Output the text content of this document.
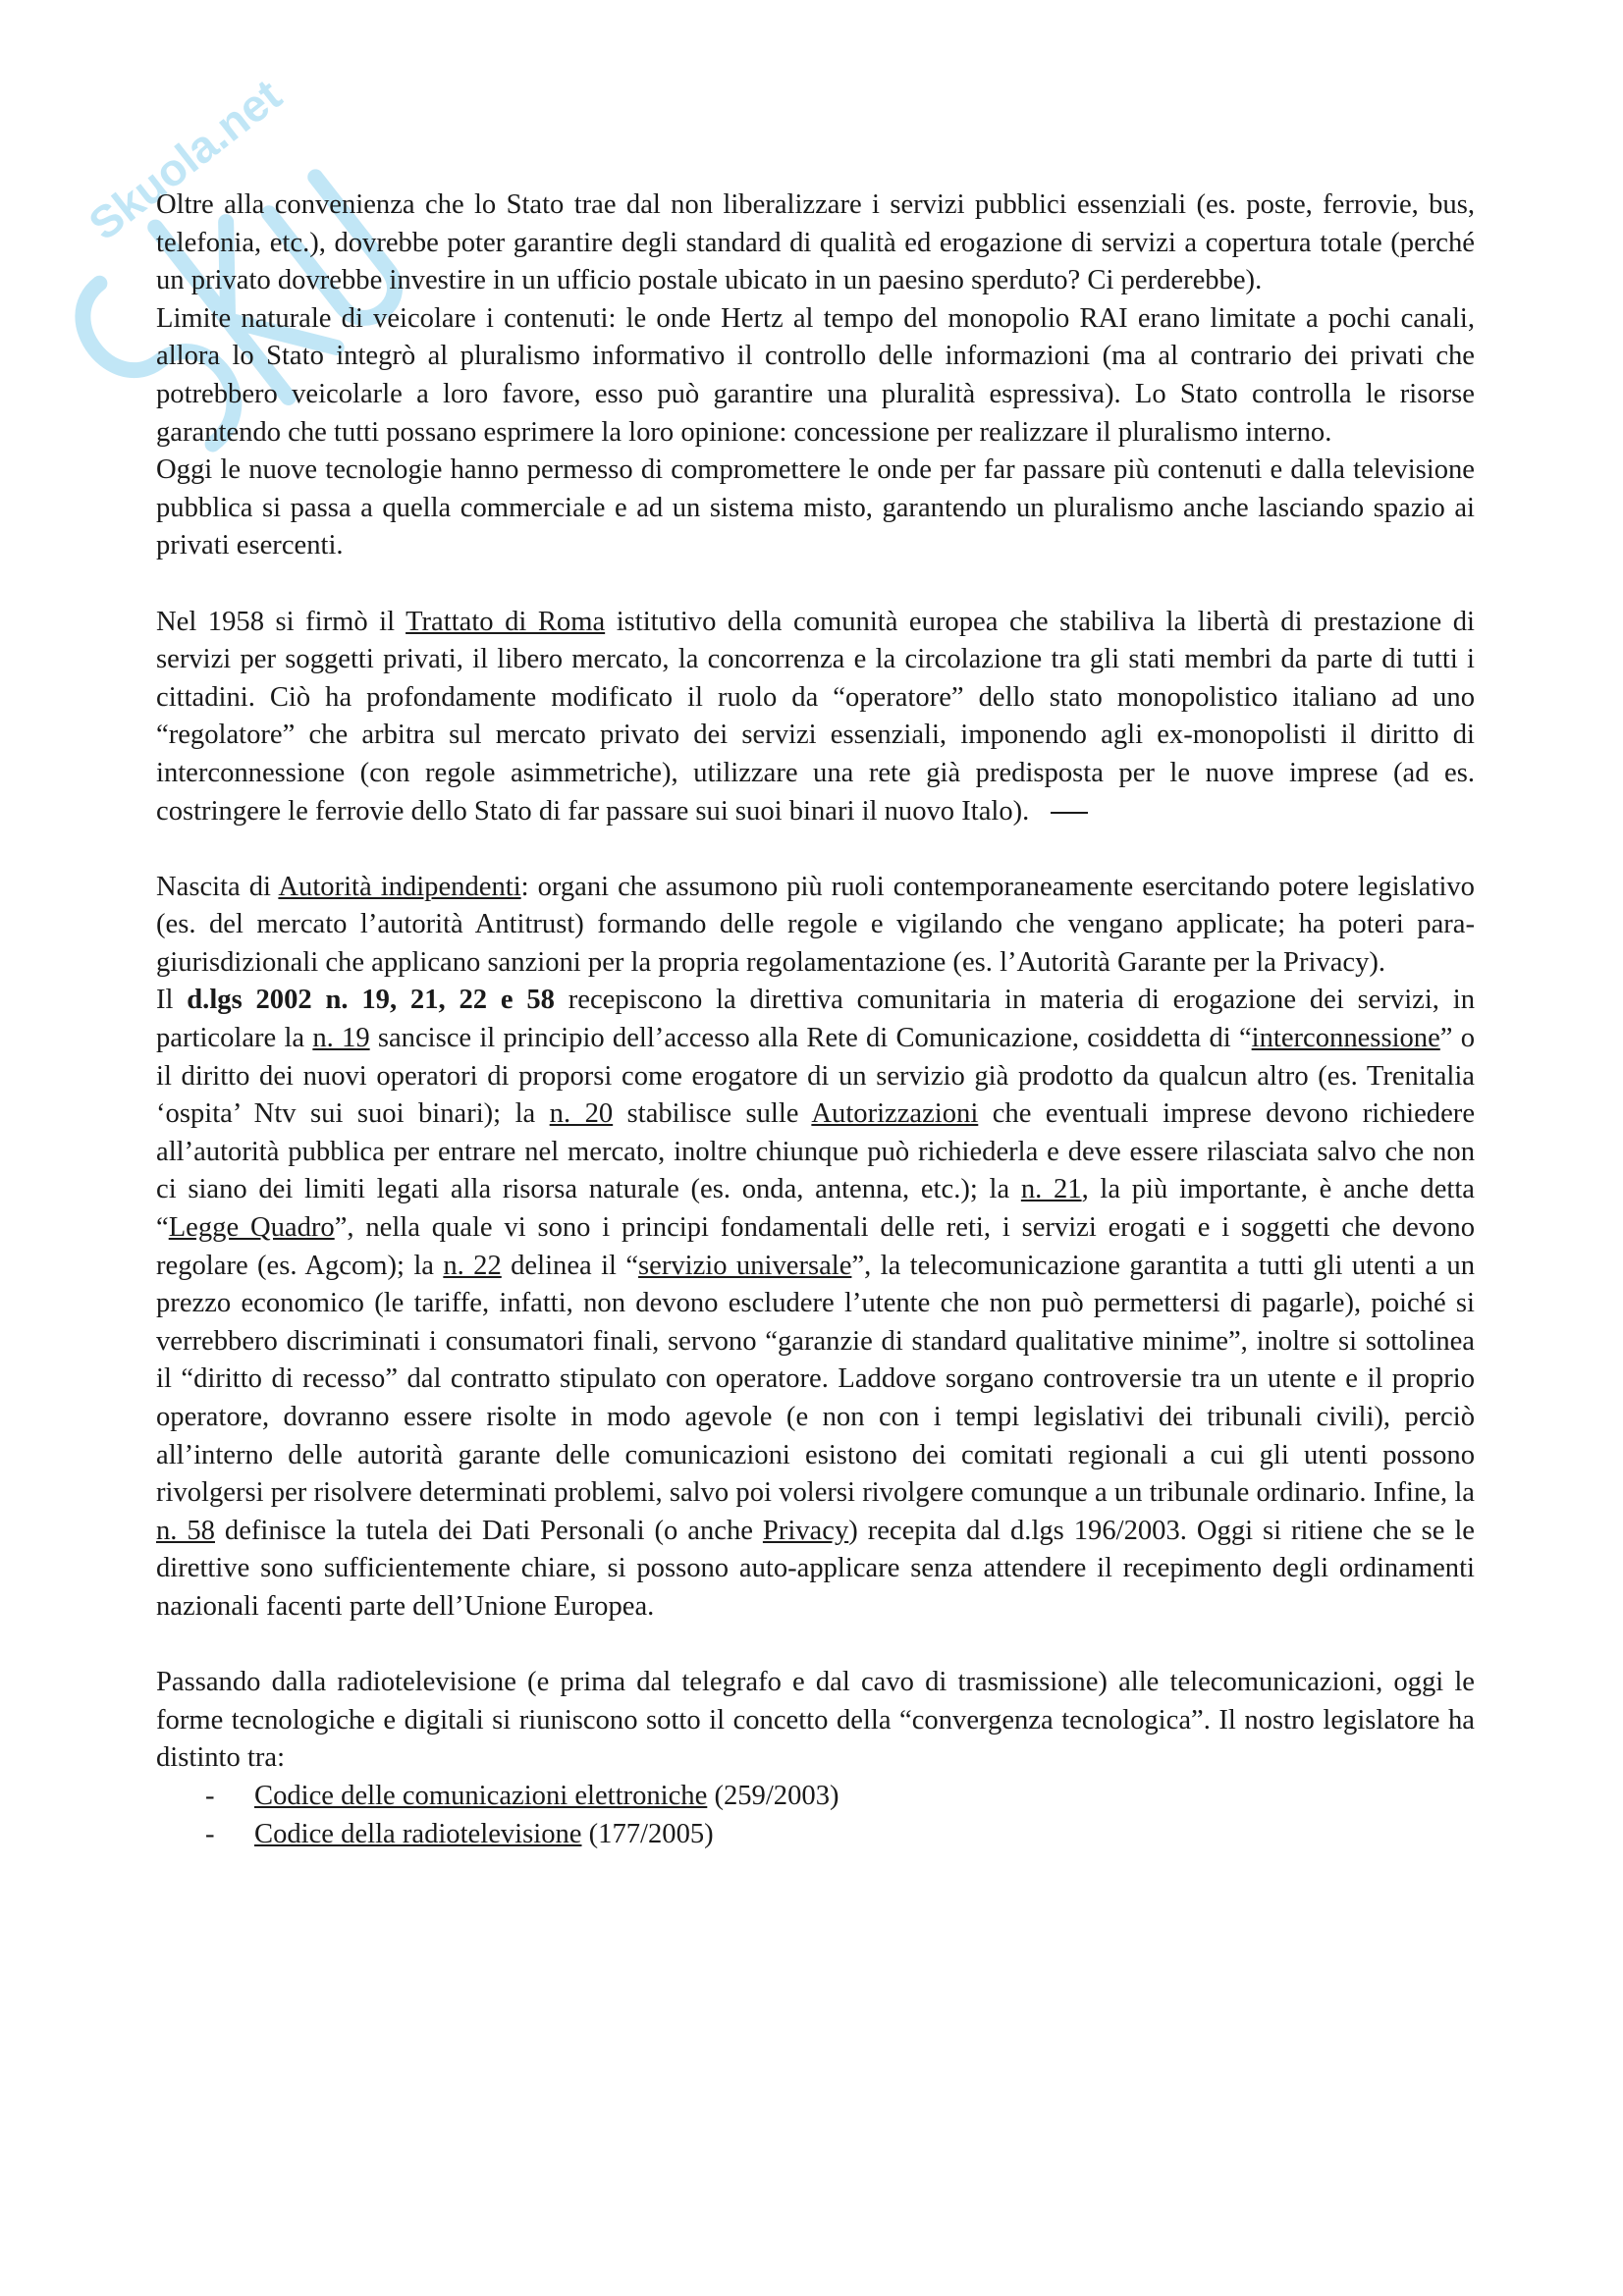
Skuola.net

Oltre alla convenienza che lo Stato trae dal non liberalizzare i servizi pubblici essenziali (es. poste, ferrovie, bus, telefonia, etc.), dovrebbe poter garantire degli standard di qualità ed erogazione di servizi a copertura totale (perché un privato dovrebbe investire in un ufficio postale ubicato in un paesino sperduto? Ci perderebbe).

Limite naturale di veicolare i contenuti: le onde Hertz al tempo del monopolio RAI erano limitate a pochi canali, allora lo Stato integrò al pluralismo informativo il controllo delle informazioni (ma al contrario dei privati che potrebbero veicolarle a loro favore, esso può garantire una pluralità espressiva). Lo Stato controlla le risorse garantendo che tutti possano esprimere la loro opinione: concessione per realizzare il pluralismo interno.

Oggi le nuove tecnologie hanno permesso di compromettere le onde per far passare più contenuti e dalla televisione pubblica si passa a quella commerciale e ad un sistema misto, garantendo un pluralismo anche lasciando spazio ai privati esercenti.

Nel 1958 si firmò il Trattato di Roma istitutivo della comunità europea che stabiliva la libertà di prestazione di servizi per soggetti privati, il libero mercato, la concorrenza e la circolazione tra gli stati membri da parte di tutti i cittadini. Ciò ha profondamente modificato il ruolo da “operatore” dello stato monopolistico italiano ad uno “regolatore” che arbitra sul mercato privato dei servizi essenziali, imponendo agli ex-monopolisti il diritto di interconnessione (con regole asimmetriche), utilizzare una rete già predisposta per le nuove imprese (ad es. costringere le ferrovie dello Stato di far passare sui suoi binari il nuovo Italo).

Nascita di Autorità indipendenti: organi che assumono più ruoli contemporaneamente esercitando potere legislativo (es. del mercato l’autorità Antitrust) formando delle regole e vigilando che vengano applicate; ha poteri para-giurisdizionali che applicano sanzioni per la propria regolamentazione (es. l’Autorità Garante per la Privacy).

Il d.lgs 2002 n. 19, 21, 22 e 58 recepiscono la direttiva comunitaria in materia di erogazione dei servizi, in particolare la n. 19 sancisce il principio dell’accesso alla Rete di Comunicazione, cosiddetta di “interconnessione” o il diritto dei nuovi operatori di proporsi come erogatore di un servizio già prodotto da qualcun altro (es. Trenitalia ‘ospita’ Ntv sui suoi binari); la n. 20 stabilisce sulle Autorizzazioni che eventuali imprese devono richiedere all’autorità pubblica per entrare nel mercato, inoltre chiunque può richiederla e deve essere rilasciata salvo che non ci siano dei limiti legati alla risorsa naturale (es. onda, antenna, etc.); la n. 21, la più importante, è anche detta “Legge Quadro”, nella quale vi sono i principi fondamentali delle reti, i servizi erogati e i soggetti che devono regolare (es. Agcom); la n. 22 delinea il “servizio universale”, la telecomunicazione garantita a tutti gli utenti a un prezzo economico (le tariffe, infatti, non devono escludere l’utente che non può permettersi di pagarle), poiché si verrebbero discriminati i consumatori finali, servono “garanzie di standard qualitative minime”, inoltre si sottolinea il “diritto di recesso” dal contratto stipulato con operatore. Laddove sorgano controversie tra un utente e il proprio operatore, dovranno essere risolte in modo agevole (e non con i tempi legislativi dei tribunali civili), perciò all’interno delle autorità garante delle comunicazioni esistono dei comitati regionali a cui gli utenti possono rivolgersi per risolvere determinati problemi, salvo poi volersi rivolgere comunque a un tribunale ordinario. Infine, la n. 58 definisce la tutela dei Dati Personali (o anche Privacy) recepita dal d.lgs 196/2003. Oggi si ritiene che se le direttive sono sufficientemente chiare, si possono auto-applicare senza attendere il recepimento degli ordinamenti nazionali facenti parte dell’Unione Europea.

Passando dalla radiotelevisione (e prima dal telegrafo e dal cavo di trasmissione) alle telecomunicazioni, oggi le forme tecnologiche e digitali si riuniscono sotto il concetto della “convergenza tecnologica”. Il nostro legislatore ha distinto tra:

- Codice delle comunicazioni elettroniche (259/2003)
- Codice della radiotelevisione (177/2005)
